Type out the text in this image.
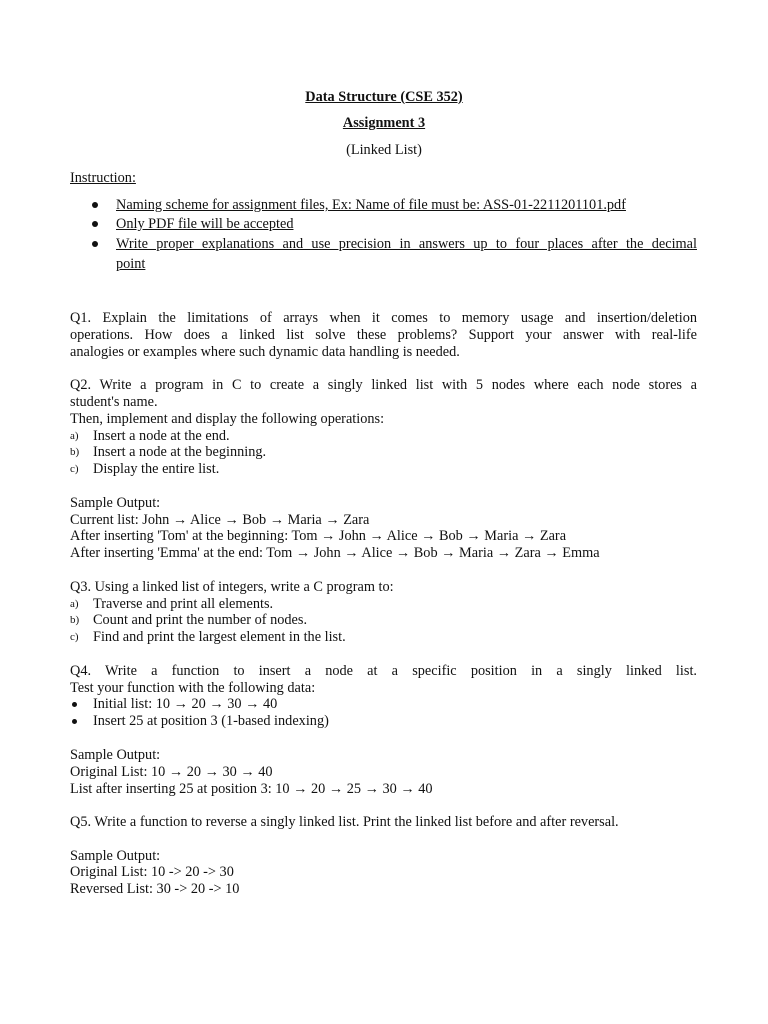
Data Structure (CSE 352)
Assignment 3
(Linked List)
Instruction:
Naming scheme for assignment files, Ex: Name of file must be: ASS-01-2211201101.pdf
Only PDF file will be accepted
Write proper explanations and use precision in answers up to four places after the decimal
point
Q1. Explain the limitations of arrays when it comes to memory usage and insertion/deletion
operations. How does a linked list solve these problems? Support your answer with real-life
analogies or examples where such dynamic data handling is needed.
Q2. Write a program in C to create a singly linked list with 5 nodes where each node stores a
student's name.
Then, implement and display the following operations:
a) Insert a node at the end.
b) Insert a node at the beginning.
c) Display the entire list.
Sample Output:
Current list: John → Alice → Bob → Maria → Zara
After inserting 'Tom' at the beginning: Tom → John → Alice → Bob → Maria → Zara
After inserting 'Emma' at the end: Tom → John → Alice → Bob → Maria → Zara → Emma
Q3. Using a linked list of integers, write a C program to:
a) Traverse and print all elements.
b) Count and print the number of nodes.
c) Find and print the largest element in the list.
Q4. Write a function to insert a node at a specific position in a singly linked list.
Test your function with the following data:
Initial list: 10 → 20 → 30 → 40
Insert 25 at position 3 (1-based indexing)
Sample Output:
Original List: 10 → 20 → 30 → 40
List after inserting 25 at position 3: 10 → 20 → 25 → 30 → 40
Q5. Write a function to reverse a singly linked list. Print the linked list before and after reversal.
Sample Output:
Original List: 10 -> 20 -> 30
Reversed List: 30 -> 20 -> 10
